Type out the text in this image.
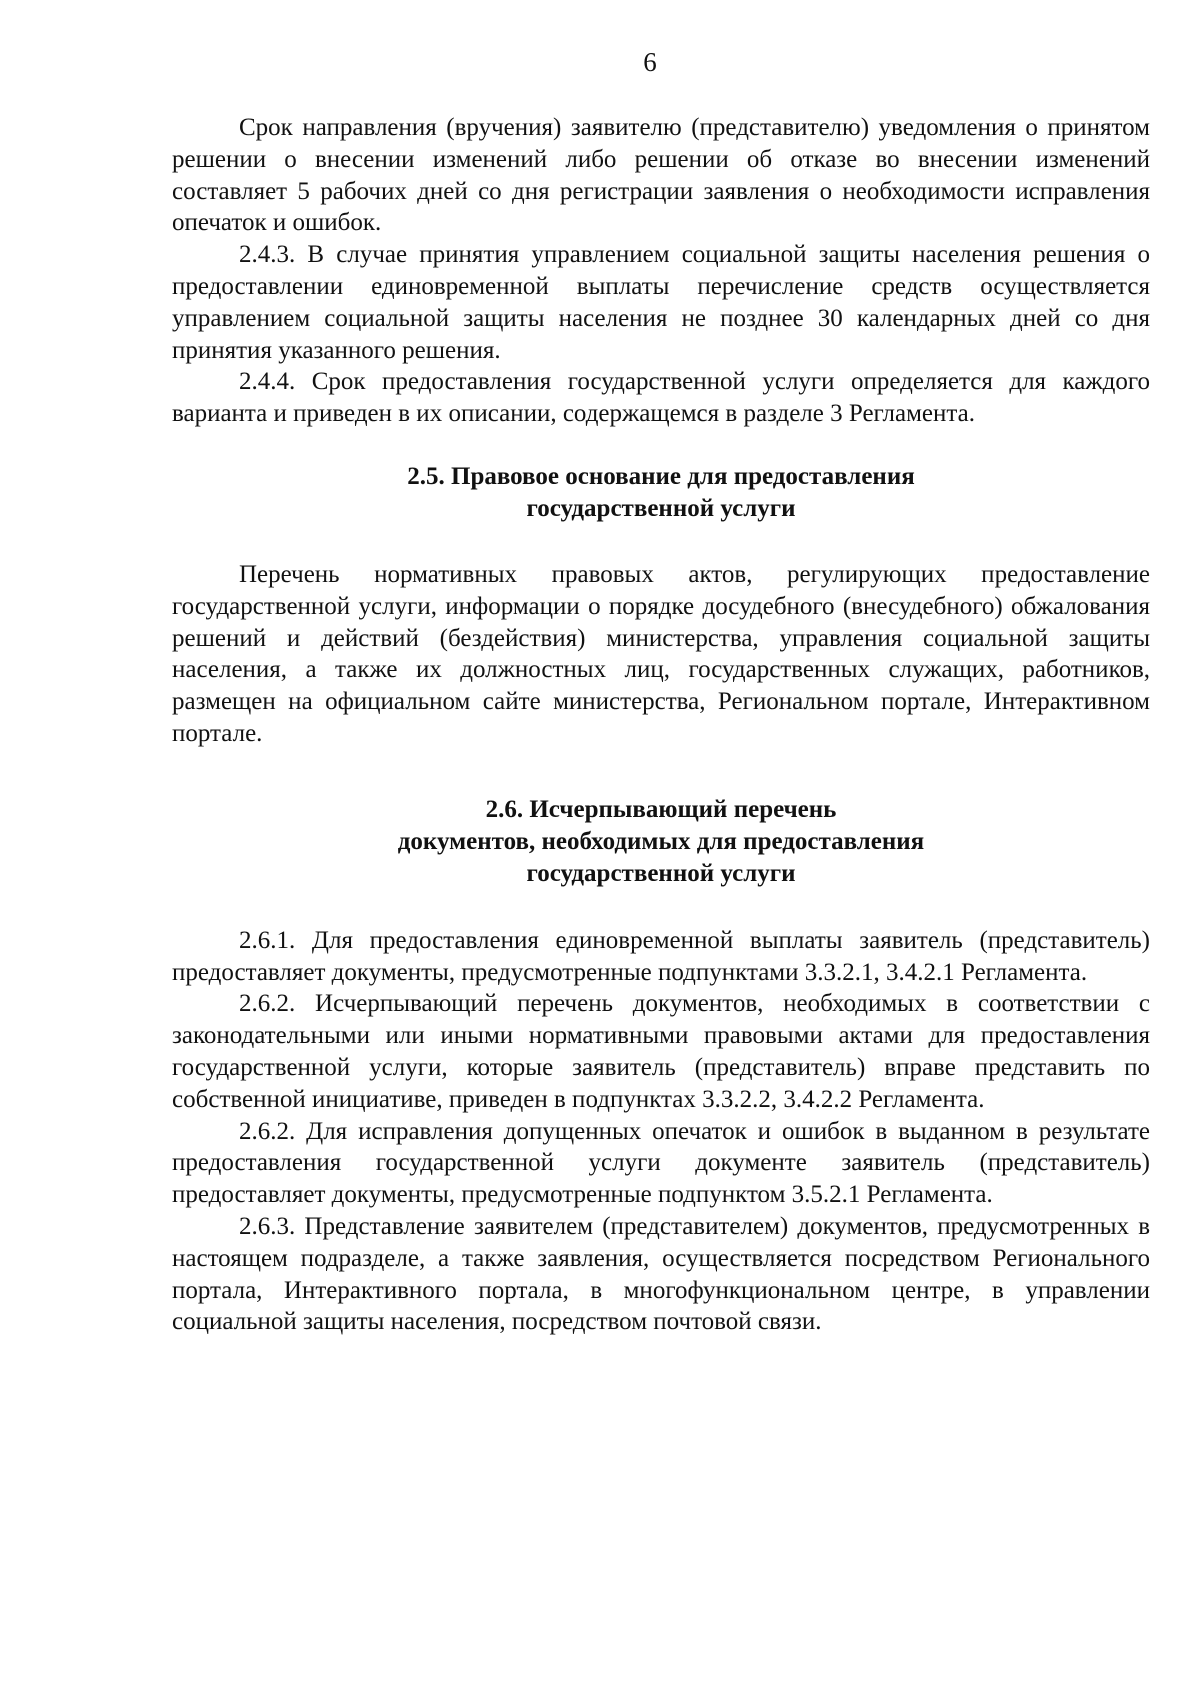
6

Срок направления (вручения) заявителю (представителю) уведомления о принятом решении о внесении изменений либо решении об отказе во внесении изменений составляет 5 рабочих дней со дня регистрации заявления о необходимости исправления опечаток и ошибок.

2.4.3. В случае принятия управлением социальной защиты населения решения о предоставлении единовременной выплаты перечисление средств осуществляется управлением социальной защиты населения не позднее 30 календарных дней со дня принятия указанного решения.

2.4.4. Срок предоставления государственной услуги определяется для каждого варианта и приведен в их описании, содержащемся в разделе 3 Регламента.

2.5. Правовое основание для предоставления

государственной услуги

Перечень нормативных правовых актов, регулирующих предоставление государственной услуги, информации о порядке досудебного (внесудебного) обжалования решений и действий (бездействия) министерства, управления социальной защиты населения, а также их должностных лиц, государственных служащих, работников, размещен на официальном сайте министерства, Региональном портале, Интерактивном портале.

2.6. Исчерпывающий перечень

документов, необходимых для предоставления

государственной услуги

2.6.1. Для предоставления единовременной выплаты заявитель (представитель) предоставляет документы, предусмотренные подпунктами 3.3.2.1, 3.4.2.1 Регламента.

2.6.2. Исчерпывающий перечень документов, необходимых в соответствии с законодательными или иными нормативными правовыми актами для предоставления государственной услуги, которые заявитель (представитель) вправе представить по собственной инициативе, приведен в подпунктах 3.3.2.2, 3.4.2.2 Регламента.

2.6.2. Для исправления допущенных опечаток и ошибок в выданном в результате предоставления государственной услуги документе заявитель (представитель) предоставляет документы, предусмотренные подпунктом 3.5.2.1 Регламента.

2.6.3. Представление заявителем (представителем) документов, предусмотренных в настоящем подразделе, а также заявления, осуществляется посредством Регионального портала, Интерактивного портала, в многофункциональном центре, в управлении социальной защиты населения, посредством почтовой связи.
